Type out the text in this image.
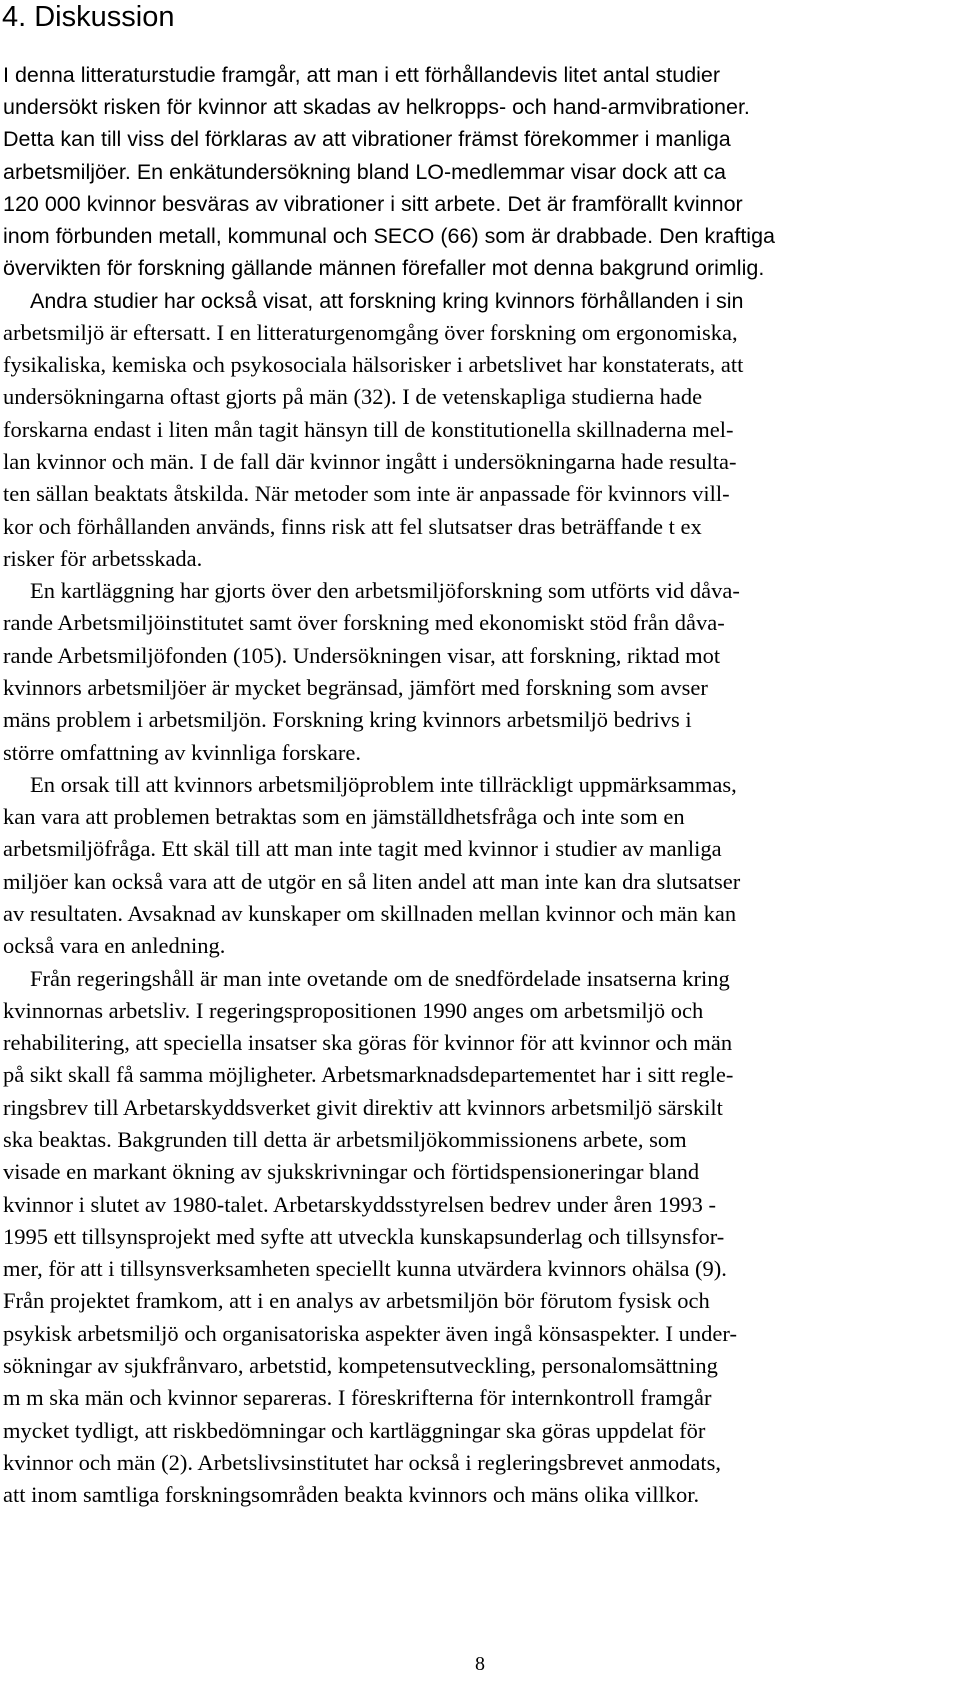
4. Diskussion
I denna litteraturstudie framgår, att man i ett förhållandevis litet antal studier
undersökt risken för kvinnor att skadas av helkropps- och hand-armvibrationer.
Detta kan till viss del förklaras av att vibrationer främst förekommer i manliga
arbetsmiljöer. En enkätundersökning bland LO-medlemmar visar dock att ca
120 000 kvinnor besväras av vibrationer i sitt arbete. Det är framförallt kvinnor
inom förbunden metall, kommunal och SECO (66) som är drabbade. Den kraftiga
övervikten för forskning gällande männen förefaller mot denna bakgrund orimlig.
Andra studier har också visat, att forskning kring kvinnors förhållanden i sin
arbetsmiljö är eftersatt. I en litteraturgenomgång över forskning om ergonomiska,
fysikaliska, kemiska och psykosociala hälsorisker i arbetslivet har konstaterats, att
undersökningarna oftast gjorts på män (32). I de vetenskapliga studierna hade
forskarna endast i liten mån tagit hänsyn till de konstitutionella skillnaderna mel-
lan kvinnor och män. I de fall där kvinnor ingått i undersökningarna hade resulta-
ten sällan beaktats åtskilda. När metoder som inte är anpassade för kvinnors vill-
kor och förhållanden används, finns risk att fel slutsatser dras beträffande t ex
risker för arbetsskada.
En kartläggning har gjorts över den arbetsmiljöforskning som utförts vid dåva-
rande Arbetsmiljöinstitutet samt över forskning med ekonomiskt stöd från dåva-
rande Arbetsmiljöfonden (105). Undersökningen visar, att forskning, riktad mot
kvinnors arbetsmiljöer är mycket begränsad, jämfört med forskning som avser
mäns problem i arbetsmiljön. Forskning kring kvinnors arbetsmiljö bedrivs i
större omfattning av kvinnliga forskare.
En orsak till att kvinnors arbetsmiljöproblem inte tillräckligt uppmärksammas,
kan vara att problemen betraktas som en jämställdhetsfråga och inte som en
arbetsmiljöfråga. Ett skäl till att man inte tagit med kvinnor i studier av manliga
miljöer kan också vara att de utgör en så liten andel att man inte kan dra slutsatser
av resultaten. Avsaknad av kunskaper om skillnaden mellan kvinnor och män kan
också vara en anledning.
Från regeringshåll är man inte ovetande om de snedfördelade insatserna kring
kvinnornas arbetsliv. I regeringspropositionen 1990 anges om arbetsmiljö och
rehabilitering, att speciella insatser ska göras för kvinnor för att kvinnor och män
på sikt skall få samma möjligheter. Arbetsmarknadsdepartementet har i sitt regle-
ringsbrev till Arbetarskyddsverket givit direktiv att kvinnors arbetsmiljö särskilt
ska beaktas. Bakgrunden till detta är arbetsmiljökommissionens arbete, som
visade en markant ökning av sjukskrivningar och förtidspensioneringar bland
kvinnor i slutet av 1980-talet. Arbetarskyddsstyrelsen bedrev under åren 1993 -
1995 ett tillsynsprojekt med syfte att utveckla kunskapsunderlag och tillsynsfor-
mer, för att i tillsynsverksamheten speciellt kunna utvärdera kvinnors ohälsa (9).
Från projektet framkom, att i en analys av arbetsmiljön bör förutom fysisk och
psykisk arbetsmiljö och organisatoriska aspekter även ingå könsaspekter. I under-
sökningar av sjukfrånvaro, arbetstid, kompetensutveckling, personalomsättning
m m ska män och kvinnor separeras. I föreskrifterna för internkontroll framgår
mycket tydligt, att riskbedömningar och kartläggningar ska göras uppdelat för
kvinnor och män (2). Arbetslivsinstitutet har också i regleringsbrevet anmodats,
att inom samtliga forskningsområden beakta kvinnors och mäns olika villkor.
8
